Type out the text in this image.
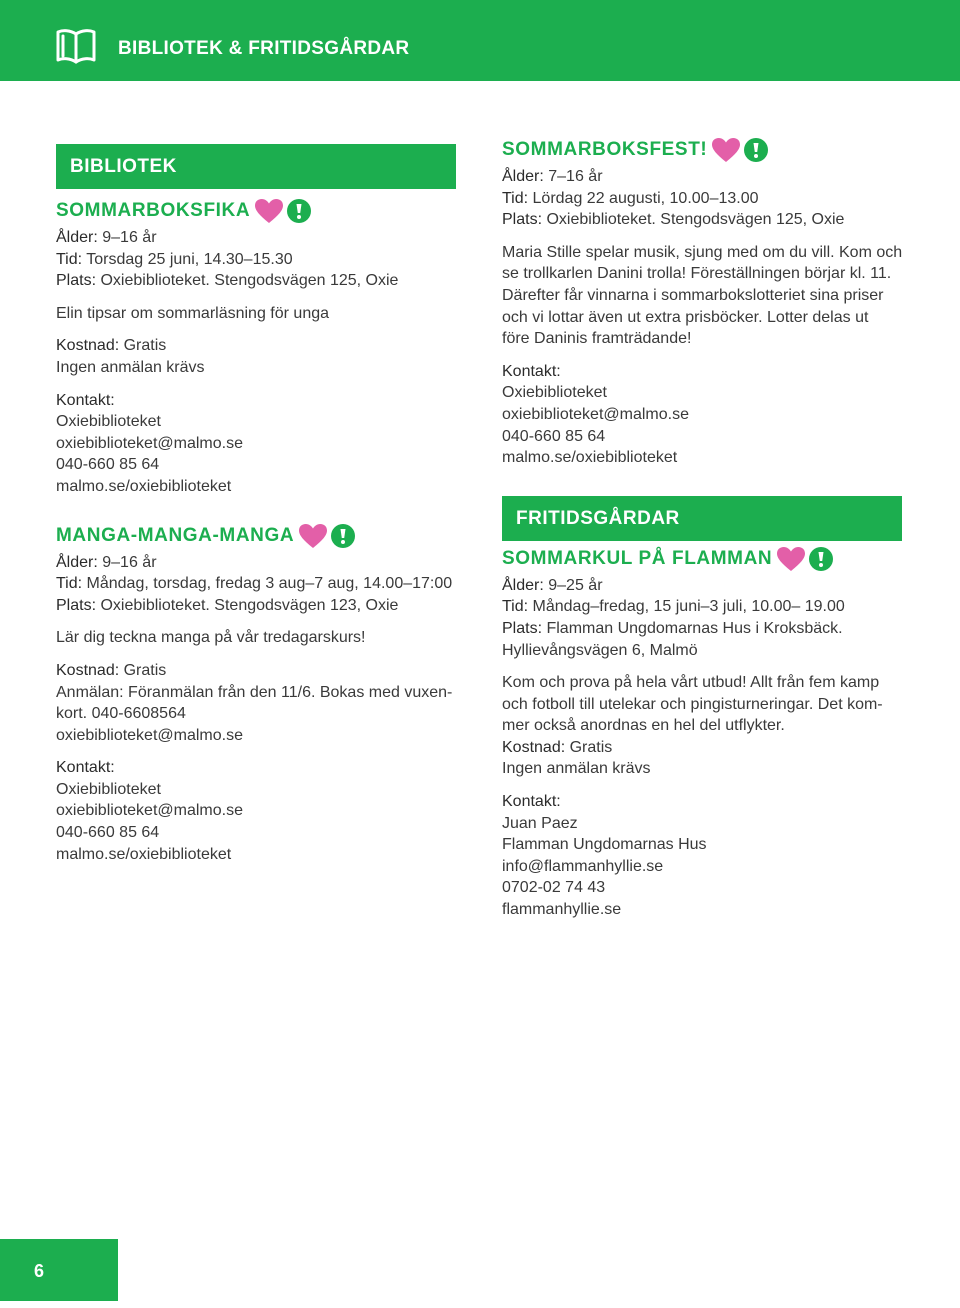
BIBLIOTEK & FRITIDSGÅRDAR
BIBLIOTEK
SOMMARBOKSFIKA
Ålder: 9–16 år
Tid: Torsdag 25 juni, 14.30–15.30
Plats: Oxiebiblioteket. Stengodsvägen 125, Oxie
Elin tipsar om sommarläsning för unga
Kostnad: Gratis
Ingen anmälan krävs
Kontakt:
Oxiebiblioteket
oxiebiblioteket@malmo.se
040-660 85 64
malmo.se/oxiebiblioteket
MANGA-MANGA-MANGA
Ålder: 9–16 år
Tid: Måndag, torsdag, fredag 3 aug–7 aug, 14.00–17:00
Plats: Oxiebiblioteket. Stengodsvägen 123, Oxie
Lär dig teckna manga på vår tredagarskurs!
Kostnad: Gratis
Anmälan: Föranmälan från den 11/6. Bokas med vuxen-
kort. 040-6608564
oxiebiblioteket@malmo.se
Kontakt:
Oxiebiblioteket
oxiebiblioteket@malmo.se
040-660 85 64
malmo.se/oxiebiblioteket
SOMMARBOKSFEST!
Ålder: 7–16 år
Tid: Lördag 22 augusti, 10.00–13.00
Plats: Oxiebiblioteket. Stengodsvägen 125, Oxie
Maria Stille spelar musik, sjung med om du vill. Kom och
se trollkarlen Danini trolla! Föreställningen börjar kl. 11.
Därefter får vinnarna i sommarbokslotteriet sina priser
och vi lottar även ut extra prisböcker. Lotter delas ut
före Daninis framträdande!
Kontakt:
Oxiebiblioteket
oxiebiblioteket@malmo.se
040-660 85 64
malmo.se/oxiebiblioteket
FRITIDSGÅRDAR
SOMMARKUL PÅ FLAMMAN
Ålder: 9–25 år
Tid: Måndag–fredag, 15 juni–3 juli, 10.00– 19.00
Plats: Flamman Ungdomarnas Hus i Kroksbäck.
Hyllievångsvägen 6, Malmö
Kom och prova på hela vårt utbud! Allt från fem kamp
och fotboll till utelekar och pingisturneringar. Det kom-
mer också anordnas en hel del utflykter.
Kostnad: Gratis
Ingen anmälan krävs
Kontakt:
Juan Paez
Flamman Ungdomarnas Hus
info@flammanhyllie.se
0702-02 74 43
flammanhyllie.se
6
